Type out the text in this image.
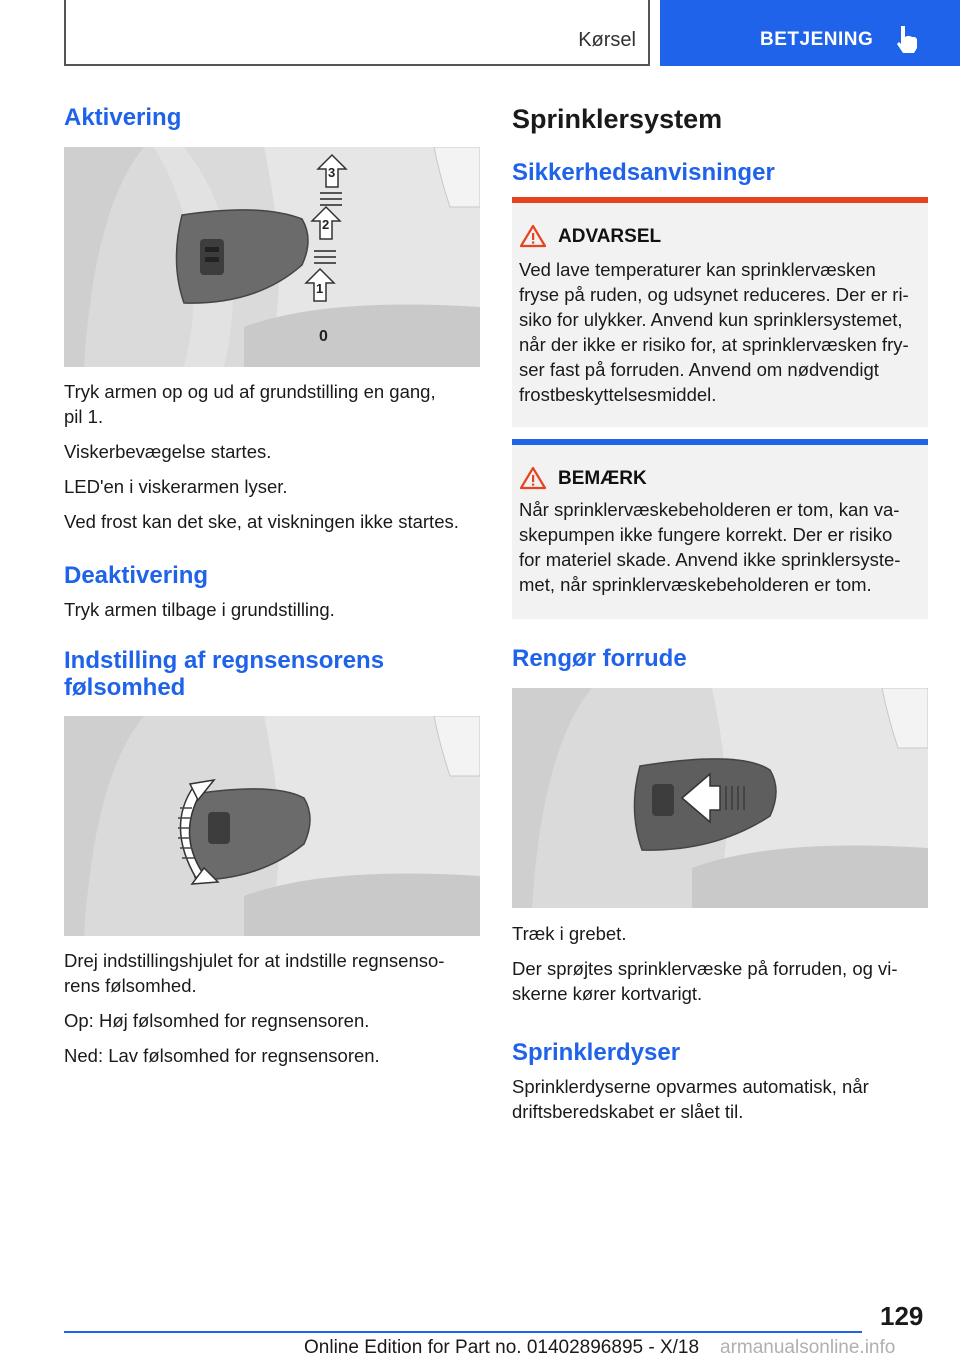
Kørsel	BETJENING
Aktivering
3
2
1
0

Tryk armen op og ud af grundstilling en gang,

pil 1.

Viskerbevægelse startes.

LED'en i viskerarmen lyser.

Ved frost kan det ske, at viskningen ikke startes.

Deaktivering

Tryk armen tilbage i grundstilling.

Indstilling af regnsensorens
følsomhed

Drej indstillingshjulet for at indstille regnsenso-

rens følsomhed.

Op: Høj følsomhed for regnsensoren.

Ned: Lav følsomhed for regnsensoren.

Sprinklersystem
Sikkerhedsanvisninger
ADVARSEL

Ved lave temperaturer kan sprinklervæsken

fryse på ruden, og udsynet reduceres. Der er ri-

siko for ulykker. Anvend kun sprinklersystemet,

når der ikke er risiko for, at sprinklervæsken fry-

ser fast på forruden. Anvend om nødvendigt

frostbeskyttelsesmiddel.

BEMÆRK

Når sprinklervæskebeholderen er tom, kan va-

skepumpen ikke fungere korrekt. Der er risiko

for materiel skade. Anvend ikke sprinklersyste-

met, når sprinklervæskebeholderen er tom.

Rengør forrude

Træk i grebet.

Der sprøjtes sprinklervæske på forruden, og vi-

skerne kører kortvarigt.

Sprinklerdyser

Sprinklerdyserne opvarmes automatisk, når

driftsberedskabet er slået til.

129
Online Edition for Part no. 01402896895 - X/18 armanualsonline.info
